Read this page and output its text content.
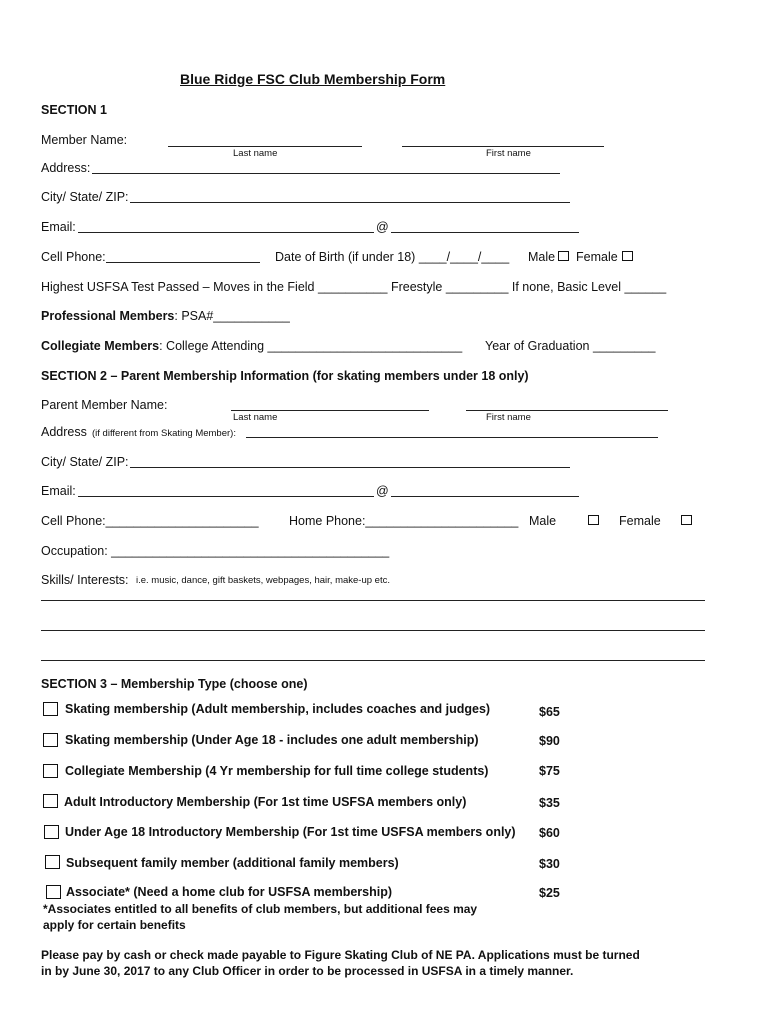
Blue Ridge FSC Club Membership Form
SECTION 1
Member Name:
Last name	First name
Address:
City/ State/ ZIP:
Email:	@
Cell Phone:	Date of Birth (if under 18) ____/____/____ Male Female
Highest USFSA Test Passed – Moves in the Field __________ Freestyle _________ If none, Basic Level ______
Professional Members: PSA#___________
Collegiate Members: College Attending ____________________________ Year of Graduation _________
SECTION 2 – Parent Membership Information (for skating members under 18 only)
Parent Member Name:
Last name	First name
Address (if different from Skating Member):
City/ State/ ZIP:
Email:	@
Cell Phone:______________________ Home Phone:______________________ Male	Female
Occupation: ________________________________________
Skills/ Interests: i.e. music, dance, gift baskets, webpages, hair, make-up etc.
SECTION 3 – Membership Type (choose one)
Skating membership (Adult membership, includes coaches and judges)	$65
Skating membership (Under Age 18 - includes one adult membership)	$90
Collegiate Membership (4 Yr membership for full time college students)	$75
Adult Introductory Membership (For 1st time USFSA members only)	$35
Under Age 18 Introductory Membership (For 1st time USFSA members only) $60
Subsequent family member (additional family members)	$30
Associate* (Need a home club for USFSA membership)	$25
*Associates entitled to all benefits of club members, but additional fees may
apply for certain benefits
Please pay by cash or check made payable to Figure Skating Club of NE PA. Applications must be turned
in by June 30, 2017 to any Club Officer in order to be processed in USFSA in a timely manner.
